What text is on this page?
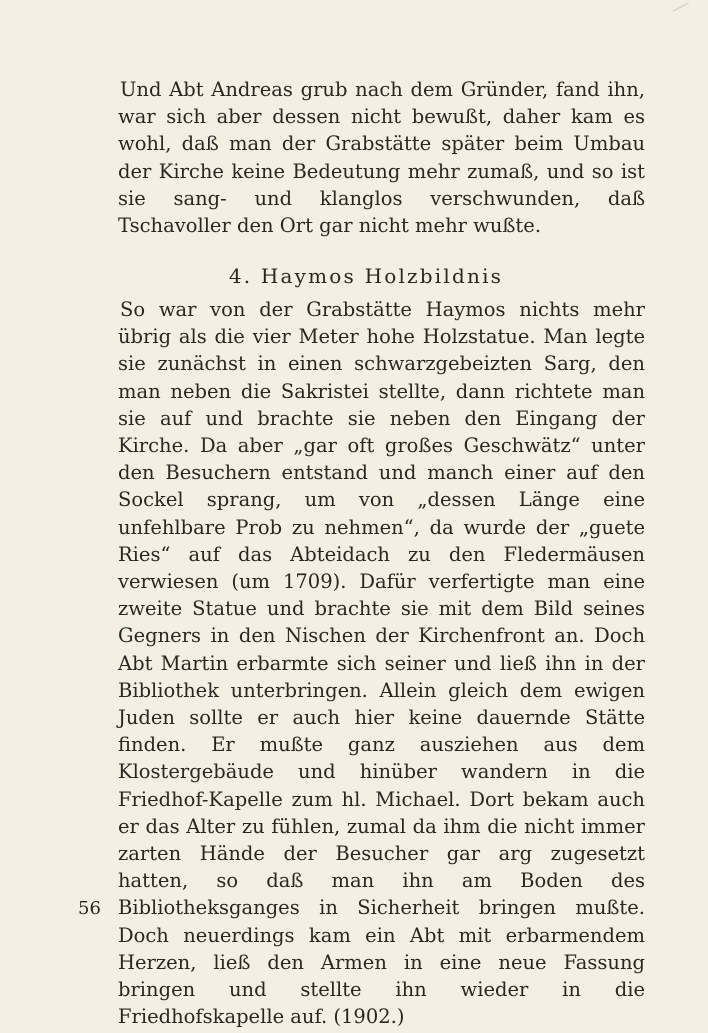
Und Abt Andreas grub nach dem Gründer, fand ihn, war sich aber dessen nicht bewußt, daher kam es wohl, daß man der Grabstätte später beim Umbau der Kirche keine Bedeutung mehr zumaß, und so ist sie sang- und klanglos verschwunden, daß Tschavoller den Ort gar nicht mehr wußte.

4. Haymos Holzbildnis

So war von der Grabstätte Haymos nichts mehr übrig als die vier Meter hohe Holzstatue. Man legte sie zunächst in einen schwarzgebeizten Sarg, den man neben die Sakristei stellte, dann richtete man sie auf und brachte sie neben den Eingang der Kirche. Da aber „gar oft großes Geschwätz“ unter den Besuchern entstand und manch einer auf den Sockel sprang, um von „dessen Länge eine unfehlbare Prob zu nehmen“, da wurde der „guete Ries“ auf das Abteidach zu den Fledermäusen verwiesen (um 1709). Dafür verfertigte man eine zweite Statue und brachte sie mit dem Bild seines Gegners in den Nischen der Kirchenfront an. Doch Abt Martin erbarmte sich seiner und ließ ihn in der Bibliothek unterbringen. Allein gleich dem ewigen Juden sollte er auch hier keine dauernde Stätte finden. Er mußte ganz ausziehen aus dem Klostergebäude und hinüber wandern in die Friedhof-Kapelle zum hl. Michael. Dort bekam auch er das Alter zu fühlen, zumal da ihm die nicht immer zarten Hände der Besucher gar arg zugesetzt hatten, so daß man ihn am Boden des Bibliotheksganges in Sicherheit bringen mußte. Doch neuerdings kam ein Abt mit erbarmendem Herzen, ließ den Armen in eine neue Fassung bringen und stellte ihn wieder in die Friedhofskapelle auf. (1902.)

56
